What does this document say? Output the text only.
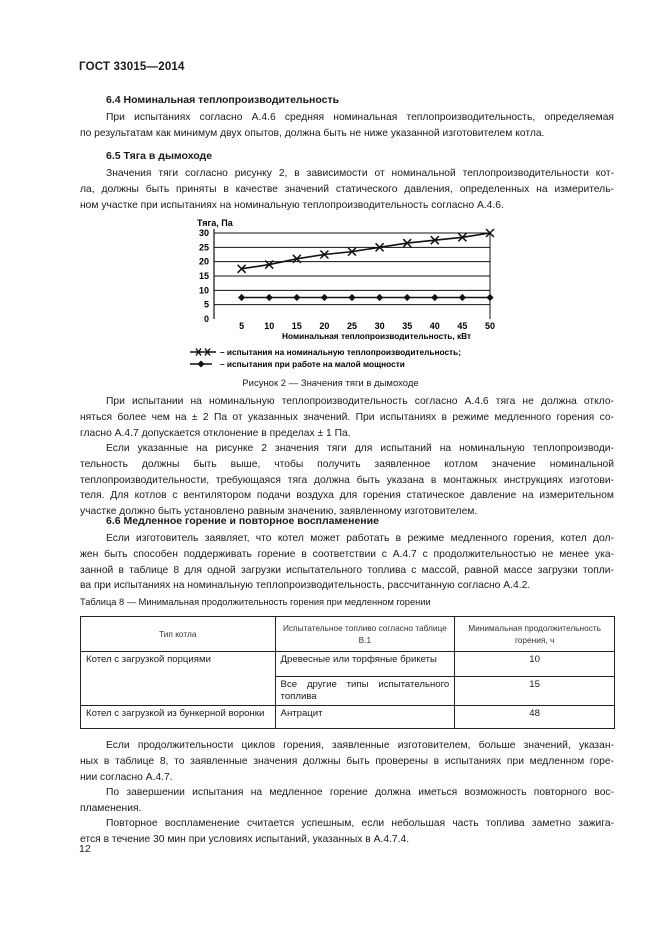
ГОСТ 33015—2014
6.4 Номинальная теплопроизводительность
При испытаниях согласно А.4.6 средняя номинальная теплопроизводительность, определяемая
по результатам как минимум двух опытов, должна быть не ниже указанной изготовителем котла.
6.5 Тяга в дымоходе
Значения тяги согласно рисунку 2, в зависимости от номинальной теплопроизводительности кот-
ла, должны быть приняты в качестве значений статического давления, определенных на измеритель-
ном участке при испытаниях на номинальную теплопроизводительность согласно А.4.6.
0
5
10
15
20
25
30
5 10 15 20 25 30 35 40 45 50
Тяга, Па
Номинальная теплопроизводительность, кВт
– испытания на номинальную теплопроизводительность;
– испытания при работе на малой мощности
Рисунок 2 — Значения тяги в дымоходе
При испытании на номинальную теплопроизводительность согласно А.4.6 тяга не должна откло-
няться более чем на ± 2 Па от указанных значений. При испытаниях в режиме медленного горения со-
гласно А.4.7 допускается отклонение в пределах ± 1 Па.
Если указанные на рисунке 2 значения тяги для испытаний на номинальную теплопроизводи-
тельность должны быть выше, чтобы получить заявленное котлом значение номинальной
теплопроизводительности, требующаяся тяга должна быть указана в монтажных инструкциях изготови-
теля. Для котлов с вентилятором подачи воздуха для горения статическое давление на измерительном
участке должно быть установлено равным значению, заявленному изготовителем.
6.6 Медленное горение и повторное воспламенение
Если изготовитель заявляет, что котел может работать в режиме медленного горения, котел дол-
жен быть способен поддерживать горение в соответствии с А.4.7 с продолжительностью не менее ука-
занной в таблице 8 для одной загрузки испытательного топлива с массой, равной массе загрузки топли-
ва при испытаниях на номинальную теплопроизводительность, рассчитанную согласно А.4.2.
Таблица 8 — Минимальная продолжительность горения при медленном горении
Тип котла	Испытательное топливо согласно таблице В.1	Минимальная продолжительность горения, ч
Котел с загрузкой порциями	Древесные или торфяные брикеты	10
	Все другие типы испытательного топлива	15
Котел с загрузкой из бункерной воронки	Антрацит	48
Если продолжительности циклов горения, заявленные изготовителем, больше значений, указан-
ных в таблице 8, то заявленные значения должны быть проверены в испытаниях при медленном горе-
нии согласно А.4.7.
По завершении испытания на медленное горение должна иметься возможность повторного вос-
пламенения.
Повторное воспламенение считается успешным, если небольшая часть топлива заметно зажига-
ется в течение 30 мин при условиях испытаний, указанных в А.4.7.4.
12
